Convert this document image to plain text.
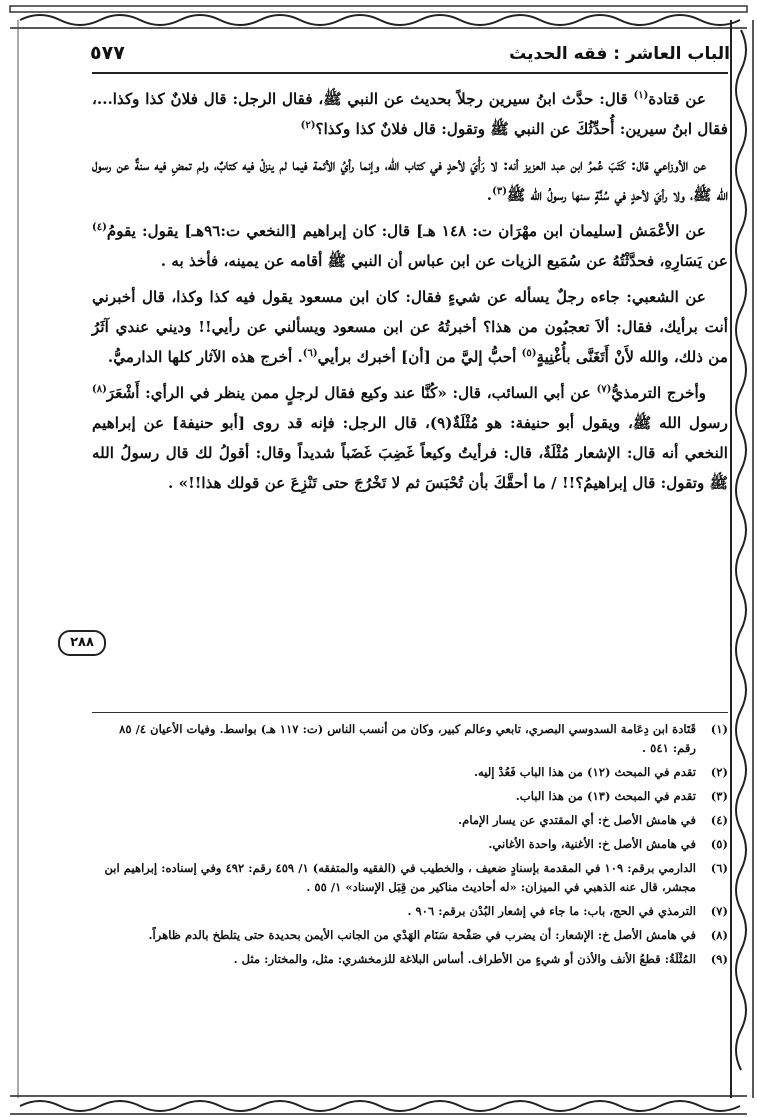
الباب العاشر : فقه الحديث
٥٧٧

عن قتادة$^{(١)}$ قال: حدَّث ابنُ سيرين رجلاً بحديث عن النبي ﷺ، فقال الرجل: قال فلانٌ كذا وكذا...، فقال ابنُ سيرين: أُحدِّثُكَ عن النبي ﷺ وتقول: قال فلانٌ كذا وكذا؟$^{(٢)}$

عن الأوزاعي قال: كَتَبَ عُمرُ ابن عبد العزيز أنه: لا رَأْيَ لأحدٍ في كتاب الله، وإنما رأيُ الأئمة فيما لم ينزلْ فيه كتابٌ، ولم تمضِ فيه سنةٌ عن رسول الله ﷺ، ولا رأيَ لأحدٍ في سُنَّةٍ سنها رسولُ الله ﷺ$^{(٣)}$.

عن الأعْمَش [سليمان ابن مهْرَان ت: ١٤٨ هـ] قال: كان إبراهيم [النخعي ت:٩٦هـ] يقول: يقومُ$^{(٤)}$ عن يَسَارِهِ، فحدَّثْتُهُ عن سُمَيع الزيات عن ابن عباس أن النبي ﷺ أقامه عن يمينه، فأخذ به .

عن الشعبي: جاءه رجلٌ يسأله عن شيءٍ فقال: كان ابن مسعود يقول فيه كذا وكذا، قال أخبرني أنت برأيك، فقال: ألاَ تعجبُون من هذا؟ أخبرتُهُ عن ابن مسعود ويسألني عن رأيي!! وديني عندي آثَرُ من ذلك، والله لأَنْ أَتَغَنَّى بأُغْنِيةٍ$^{(٥)}$ أحبُّ إليَّ من [أن] أخبرك برأيي$^{(٦)}$. أخرج هذه الآثار كلها الدارميُّ.

وأخرج الترمذيُّ$^{(٧)}$ عن أبي السائب، قال: «كُنَّا عند وكيع فقال لرجلٍ ممن ينظر في الرأي: أَشْعَرَ$^{(٨)}$ رسول الله ﷺ، ويقول أبو حنيفة: هو مُثْلَةٌ(٩)، قال الرجل: فإنه قد روى [أبو حنيفة] عن إبراهيم النخعي أنه قال: الإشعار مُثْلَةٌ، قال: فرأيتُ وكيعاً غَضِبَ غَضَباً شديداً وقال: أقولُ لك قال رسولُ الله ﷺ وتقول: قال إبراهيمُ؟!! / ما أحقَّكَ بأن تُحْبَسَ ثم لا تَخْرُجَ حتى تَنْزِعَ عن قولك هذا!!» .

٢٨٨
(١)
قَتَادة ابن دِعَامة السدوسي البصري، تابعي وعالم كبير، وكان من أنسب الناس (ت: ١١٧ هـ) بواسط. وفيات الأعيان ٤/ ٨٥ رقم: ٥٤١ .
(٢)
تقدم في المبحث (١٢) من هذا الباب فَعُدْ إليه.
(٣)
تقدم في المبحث (١٣) من هذا الباب.
(٤)
في هامش الأصل خ: أي المقتدي عن يسار الإمام.
(٥)
في هامش الأصل خ: الأغنية، واحدة الأغاني.
(٦)
الدارمي برقم: ١٠٩ في المقدمة بإسنادٍ ضعيف ، والخطيب في (الفقيه والمتفقه) ١/ ٤٥٩ رقم: ٤٩٢ وفي إسناده: إبراهيم ابن مجشر، قال عنه الذهبي في الميزان: «له أحاديث مناكير من قِبَل الإسناد» ١/ ٥٥ .
(٧)
الترمذي في الحج، باب: ما جاء في إشعار البُدْن برقم: ٩٠٦ .
(٨)
في هامش الأصل خ: الإشعار: أن يضرب في صَفْحة سَنَام الهَدْي من الجانب الأيمن بحديدة حتى يتلطخ بالدم ظاهراً.
(٩)
المُثْلَةُ: قطعُ الأنف والأذن أو شيءٍ من الأطراف. أساس البلاغة للزمخشري: مثل، والمختار: مثل .
